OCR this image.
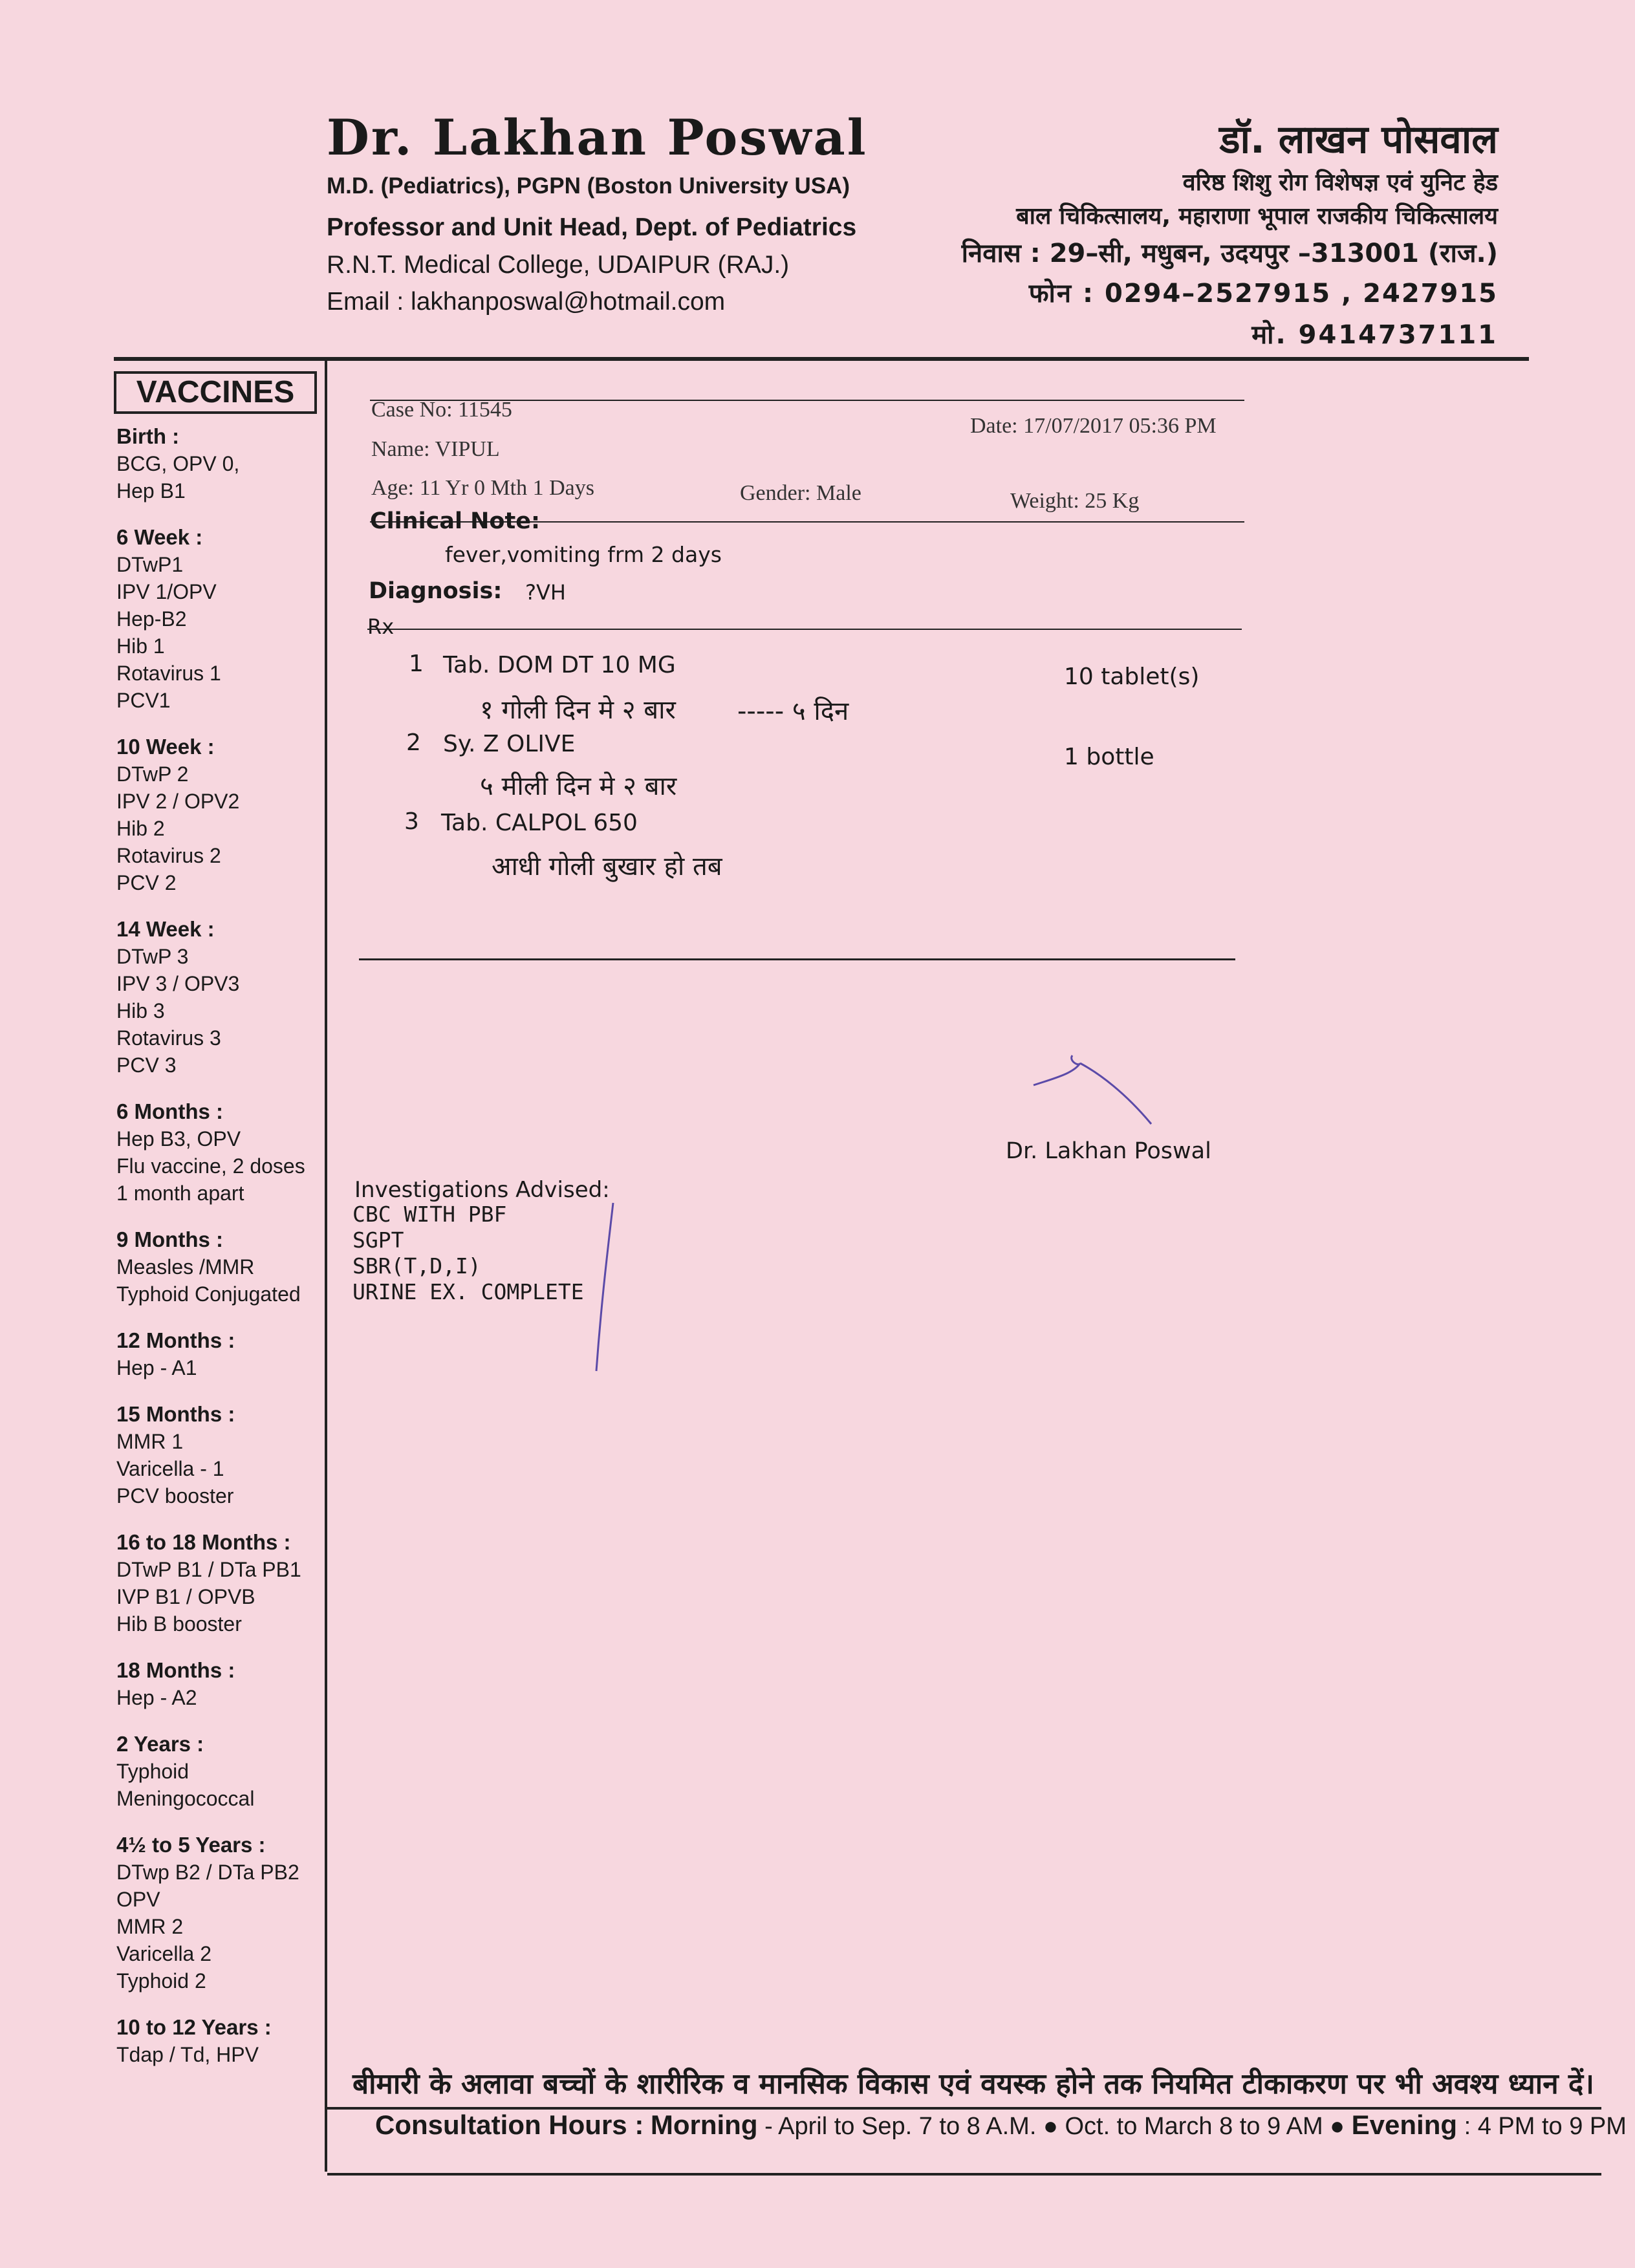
Dr. Lakhan Poswal
M.D. (Pediatrics), PGPN (Boston University USA)
Professor and Unit Head, Dept. of Pediatrics
R.N.T. Medical College, UDAIPUR (RAJ.)
Email : lakhanposwal@hotmail.com
डॉ. लाखन पोसवाल
वरिष्ठ शिशु रोग विशेषज्ञ एवं युनिट हेड
बाल चिकित्सालय, महाराणा भूपाल राजकीय चिकित्सालय
निवास : 29–सी, मधुबन, उदयपुर –313001 (राज.)
फोन : 0294–2527915 , 2427915
मो. 9414737111
VACCINES
Birth :
BCG, OPV 0,
Hep B1
6 Week :
DTwP1
IPV 1/OPV
Hep-B2
Hib 1
Rotavirus 1
PCV1
10 Week :
DTwP 2
IPV 2 / OPV2
Hib 2
Rotavirus 2
PCV 2
14 Week :
DTwP 3
IPV 3 / OPV3
Hib 3
Rotavirus 3
PCV 3
6 Months :
Hep B3, OPV
Flu vaccine, 2 doses
1 month apart
9 Months :
Measles /MMR
Typhoid Conjugated
12 Months :
Hep - A1
15 Months :
MMR 1
Varicella - 1
PCV booster
16 to 18 Months :
DTwP B1 / DTa PB1
IVP B1 / OPVB
Hib B booster
18 Months :
Hep - A2
2 Years :
Typhoid
Meningococcal
4½ to 5 Years :
DTwp B2 / DTa PB2
OPV
MMR 2
Varicella 2
Typhoid 2
10 to 12 Years :
Tdap / Td, HPV
Case No: 11545
Date: 17/07/2017 05:36 PM
Name: VIPUL
Age: 11 Yr 0 Mth 1 Days	Gender: Male	Weight: 25 Kg
Clinical Note:
fever,vomiting frm 2 days
Diagnosis: ?VH
Rx
1 Tab. DOM DT 10 MG
१ गोली दिन मे २ बार ----- ५ दिन
10 tablet(s)
2 Sy. Z OLIVE
५ मीली दिन मे २ बार
1 bottle
3 Tab. CALPOL 650
आधी गोली बुखार हो तब
Dr. Lakhan Poswal
Investigations Advised:
CBC WITH PBF
SGPT
SBR(T,D,I)
URINE EX. COMPLETE
बीमारी के अलावा बच्चों के शारीरिक व मानसिक विकास एवं वयस्क होने तक नियमित टीकाकरण पर भी अवश्य ध्यान दें।
Consultation Hours : Morning - April to Sep. 7 to 8 A.M. ● Oct. to March 8 to 9 AM ● Evening : 4 PM to 9 PM
